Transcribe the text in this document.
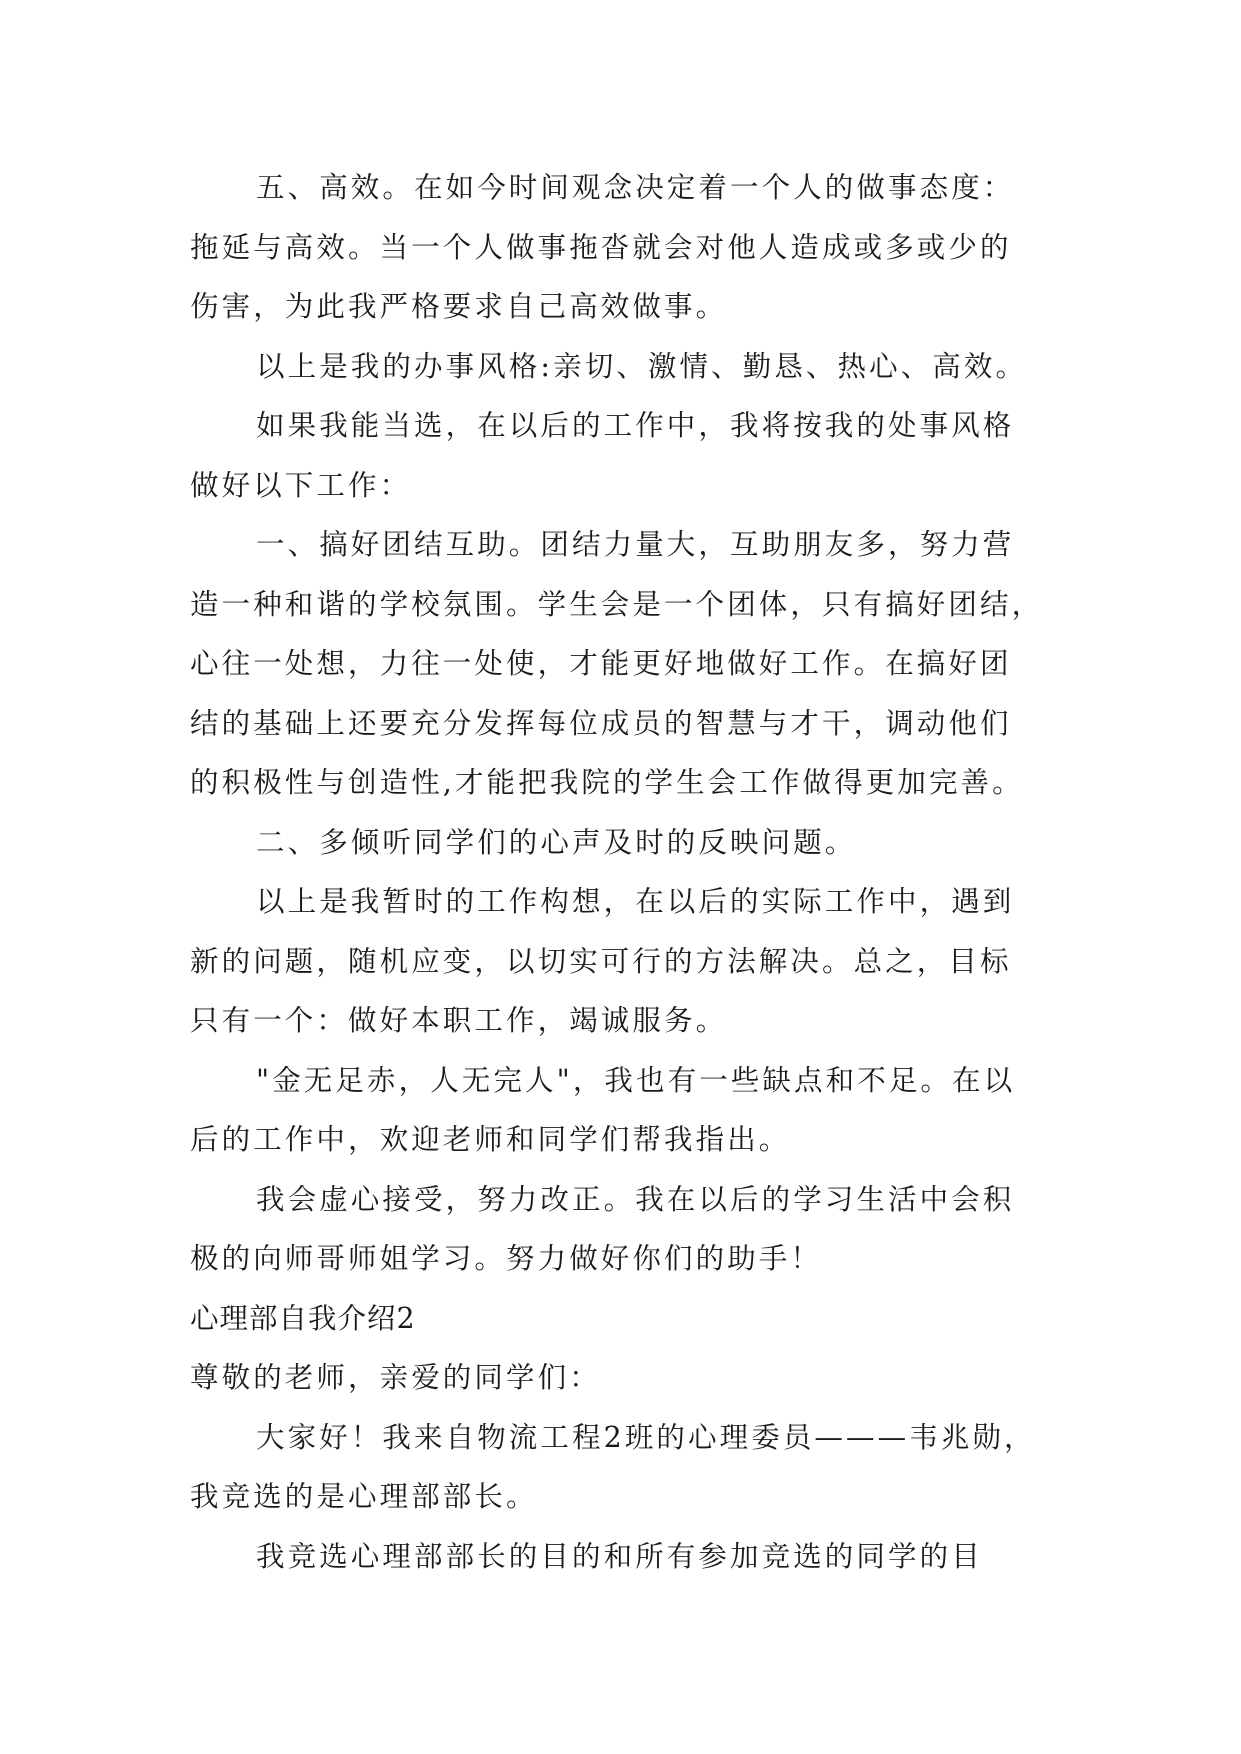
五、高效。在如今时间观念决定着一个人的做事态度：
拖延与高效。当一个人做事拖沓就会对他人造成或多或少的
伤害，为此我严格要求自己高效做事。
以上是我的办事风格:亲切、激情、勤恳、热心、高效。
如果我能当选，在以后的工作中，我将按我的处事风格
做好以下工作：
一、搞好团结互助。团结力量大，互助朋友多，努力营
造一种和谐的学校氛围。学生会是一个团体，只有搞好团结，
心往一处想，力往一处使，才能更好地做好工作。在搞好团
结的基础上还要充分发挥每位成员的智慧与才干，调动他们
的积极性与创造性,才能把我院的学生会工作做得更加完善。
二、多倾听同学们的心声及时的反映问题。
以上是我暂时的工作构想，在以后的实际工作中，遇到
新的问题，随机应变，以切实可行的方法解决。总之，目标
只有一个：做好本职工作，竭诚服务。
"金无足赤，人无完人"，我也有一些缺点和不足。在以
后的工作中，欢迎老师和同学们帮我指出。
我会虚心接受，努力改正。我在以后的学习生活中会积
极的向师哥师姐学习。努力做好你们的助手！
心理部自我介绍2
尊敬的老师，亲爱的同学们：
大家好！我来自物流工程2班的心理委员———韦兆勋，
我竞选的是心理部部长。
我竞选心理部部长的目的和所有参加竞选的同学的目
